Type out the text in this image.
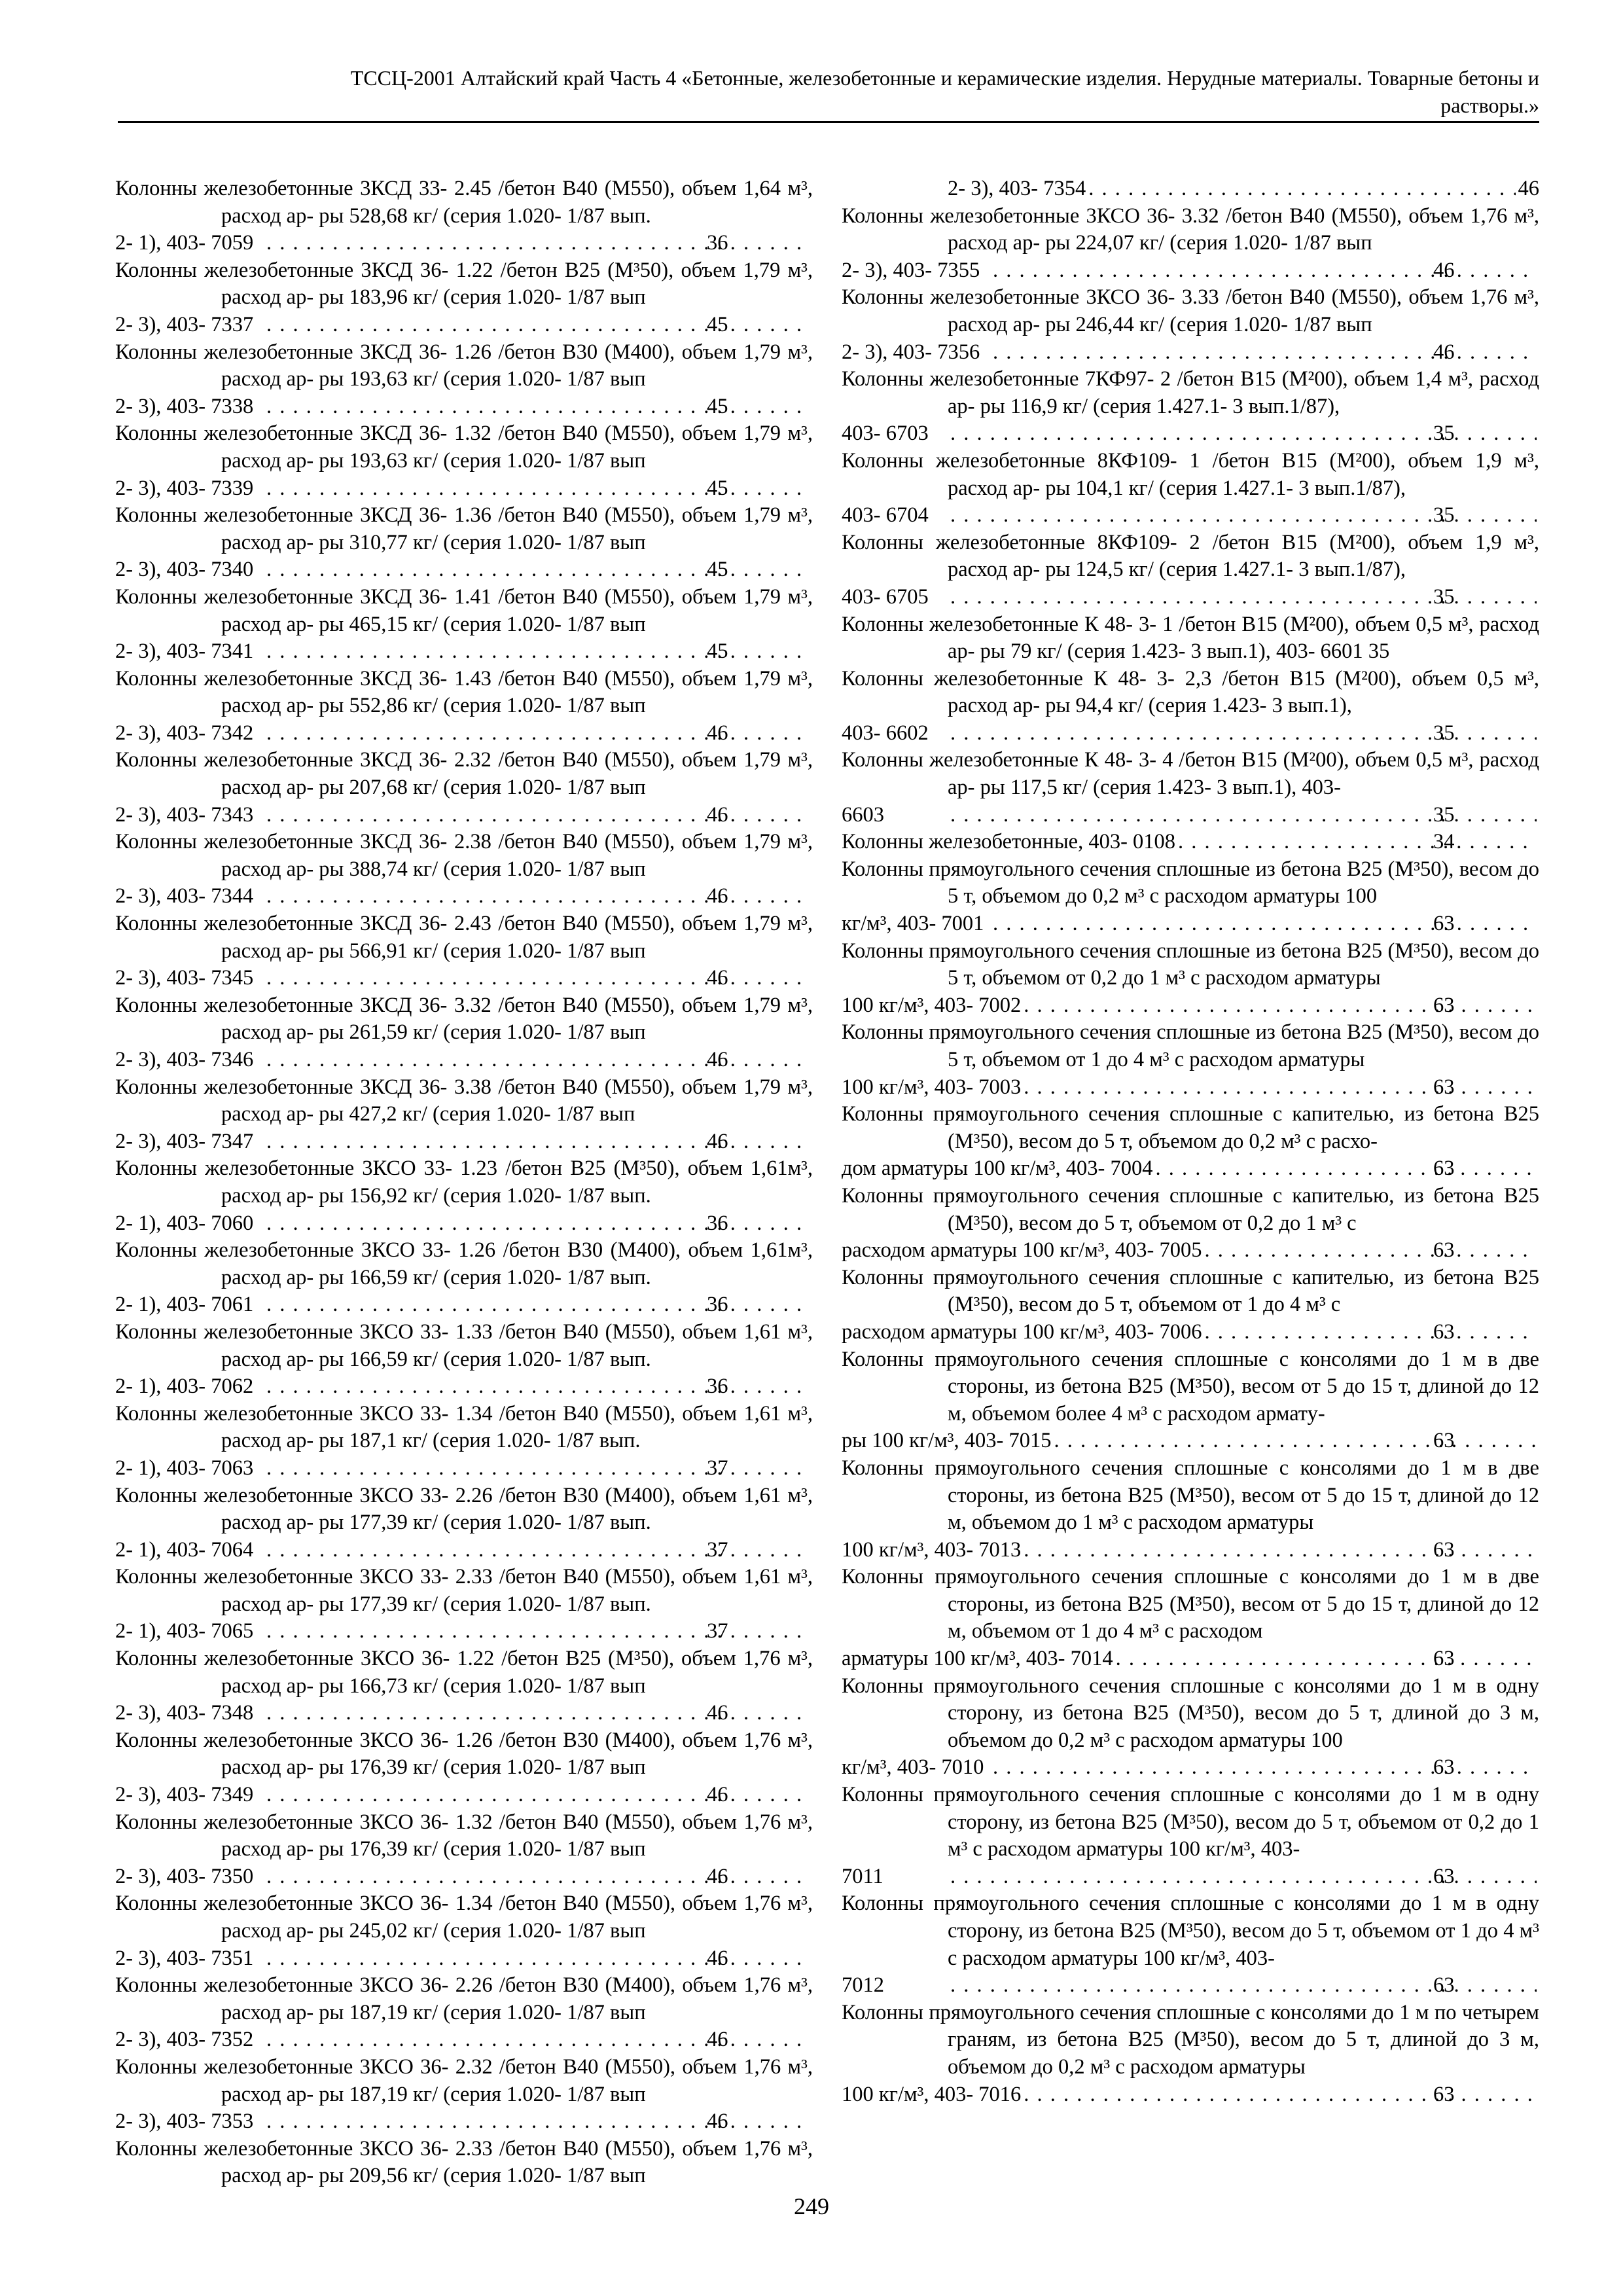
ТССЦ-2001 Алтайский край Часть 4 «Бетонные, железобетонные и керамические изделия. Нерудные материалы. Товарные бетоны и
растворы.»
Колонны железобетонные 3КСД 33- 2.45 /бетон В40 (М550), объем 1,64 м³, расход ар- ры 528,68 кг/ (серия 1.020- 1/87 вып.
2- 1), 403- 7059 . . .	36
Колонны железобетонные 3КСД 36- 1.22 /бетон В25 (М³50), объем 1,79 м³, расход ар- ры 183,96 кг/ (серия 1.020- 1/87 вып
2- 3), 403- 7337 . . .	45
Колонны железобетонные 3КСД 36- 1.26 /бетон В30 (М400), объем 1,79 м³, расход ар- ры 193,63 кг/ (серия 1.020- 1/87 вып
2- 3), 403- 7338 . . .	45
Колонны железобетонные 3КСД 36- 1.32 /бетон В40 (М550), объем 1,79 м³, расход ар- ры 193,63 кг/ (серия 1.020- 1/87 вып
2- 3), 403- 7339 . . .	45
Колонны железобетонные 3КСД 36- 1.36 /бетон В40 (М550), объем 1,79 м³, расход ар- ры 310,77 кг/ (серия 1.020- 1/87 вып
2- 3), 403- 7340 . . .	45
Колонны железобетонные 3КСД 36- 1.41 /бетон В40 (М550), объем 1,79 м³, расход ар- ры 465,15 кг/ (серия 1.020- 1/87 вып
2- 3), 403- 7341 . . .	45
Колонны железобетонные 3КСД 36- 1.43 /бетон В40 (М550), объем 1,79 м³, расход ар- ры 552,86 кг/ (серия 1.020- 1/87 вып
2- 3), 403- 7342 . . .	46
Колонны железобетонные 3КСД 36- 2.32 /бетон В40 (М550), объем 1,79 м³, расход ар- ры 207,68 кг/ (серия 1.020- 1/87 вып
2- 3), 403- 7343 . . .	46
Колонны железобетонные 3КСД 36- 2.38 /бетон В40 (М550), объем 1,79 м³, расход ар- ры 388,74 кг/ (серия 1.020- 1/87 вып
2- 3), 403- 7344 . . .	46
Колонны железобетонные 3КСД 36- 2.43 /бетон В40 (М550), объем 1,79 м³, расход ар- ры 566,91 кг/ (серия 1.020- 1/87 вып
2- 3), 403- 7345 . . .	46
Колонны железобетонные 3КСД 36- 3.32 /бетон В40 (М550), объем 1,79 м³, расход ар- ры 261,59 кг/ (серия 1.020- 1/87 вып
2- 3), 403- 7346 . . .	46
Колонны железобетонные 3КСД 36- 3.38 /бетон В40 (М550), объем 1,79 м³, расход ар- ры 427,2 кг/ (серия 1.020- 1/87 вып
2- 3), 403- 7347 . . .	46
Колонны железобетонные 3КСО 33- 1.23 /бетон В25 (М³50), объем 1,61м³, расход ар- ры 156,92 кг/ (серия 1.020- 1/87 вып.
2- 1), 403- 7060 . . .	36
Колонны железобетонные 3КСО 33- 1.26 /бетон В30 (М400), объем 1,61м³, расход ар- ры 166,59 кг/ (серия 1.020- 1/87 вып.
2- 1), 403- 7061 . . .	36
Колонны железобетонные 3КСО 33- 1.33 /бетон В40 (М550), объем 1,61 м³, расход ар- ры 166,59 кг/ (серия 1.020- 1/87 вып.
2- 1), 403- 7062 . . .	36
Колонны железобетонные 3КСО 33- 1.34 /бетон В40 (М550), объем 1,61 м³, расход ар- ры 187,1 кг/ (серия 1.020- 1/87 вып.
2- 1), 403- 7063 . . .	37
Колонны железобетонные 3КСО 33- 2.26 /бетон В30 (М400), объем 1,61 м³, расход ар- ры 177,39 кг/ (серия 1.020- 1/87 вып.
2- 1), 403- 7064 . . .	37
Колонны железобетонные 3КСО 33- 2.33 /бетон В40 (М550), объем 1,61 м³, расход ар- ры 177,39 кг/ (серия 1.020- 1/87 вып.
2- 1), 403- 7065 . . .	37
Колонны железобетонные 3КСО 36- 1.22 /бетон В25 (М³50), объем 1,76 м³, расход ар- ры 166,73 кг/ (серия 1.020- 1/87 вып
2- 3), 403- 7348 . . .	46
Колонны железобетонные 3КСО 36- 1.26 /бетон В30 (М400), объем 1,76 м³, расход ар- ры 176,39 кг/ (серия 1.020- 1/87 вып
2- 3), 403- 7349 . . .	46
Колонны железобетонные 3КСО 36- 1.32 /бетон В40 (М550), объем 1,76 м³, расход ар- ры 176,39 кг/ (серия 1.020- 1/87 вып
2- 3), 403- 7350 . . .	46
Колонны железобетонные 3КСО 36- 1.34 /бетон В40 (М550), объем 1,76 м³, расход ар- ры 245,02 кг/ (серия 1.020- 1/87 вып
2- 3), 403- 7351 . . .	46
Колонны железобетонные 3КСО 36- 2.26 /бетон В30 (М400), объем 1,76 м³, расход ар- ры 187,19 кг/ (серия 1.020- 1/87 вып
2- 3), 403- 7352 . . .	46
Колонны железобетонные 3КСО 36- 2.32 /бетон В40 (М550), объем 1,76 м³, расход ар- ры 187,19 кг/ (серия 1.020- 1/87 вып
2- 3), 403- 7353 . . .	46
Колонны железобетонные 3КСО 36- 2.33 /бетон В40 (М550), объем 1,76 м³, расход ар- ры 209,56 кг/ (серия 1.020- 1/87 вып
2- 3), 403- 7354 . . .	46
Колонны железобетонные 3КСО 36- 3.32 /бетон В40 (М550), объем 1,76 м³, расход ар- ры 224,07 кг/ (серия 1.020- 1/87 вып
2- 3), 403- 7355 . . .	46
Колонны железобетонные 3КСО 36- 3.33 /бетон В40 (М550), объем 1,76 м³, расход ар- ры 246,44 кг/ (серия 1.020- 1/87 вып
2- 3), 403- 7356 . . .	46
Колонны железобетонные 7КФ97- 2 /бетон В15 (М²00), объем 1,4 м³, расход ар- ры 116,9 кг/ (серия 1.427.1- 3 вып.1/87),
403- 6703 . . .	35
Колонны железобетонные 8КФ109- 1 /бетон В15 (М²00), объем 1,9 м³, расход ар- ры 104,1 кг/ (серия 1.427.1- 3 вып.1/87),
403- 6704 . . .	35
Колонны железобетонные 8КФ109- 2 /бетон В15 (М²00), объем 1,9 м³, расход ар- ры 124,5 кг/ (серия 1.427.1- 3 вып.1/87),
403- 6705 . . .	35
Колонны железобетонные К 48- 3- 1 /бетон В15 (М²00), объем 0,5 м³, расход ар- ры 79 кг/ (серия 1.423- 3 вып.1), 403- 6601 35
Колонны железобетонные К 48- 3- 2,3 /бетон В15 (М²00), объем 0,5 м³, расход ар- ры 94,4 кг/ (серия 1.423- 3 вып.1),
403- 6602 . . .	35
Колонны железобетонные К 48- 3- 4 /бетон В15 (М²00), объем 0,5 м³, расход ар- ры 117,5 кг/ (серия 1.423- 3 вып.1), 403-
6603 . . .	35
Колонны железобетонные, 403- 0108 . . .	34
Колонны прямоугольного сечения сплошные из бетона В25 (М³50), весом до 5 т, объемом до 0,2 м³ с расходом арматуры 100
кг/м³, 403- 7001 . . .	63
Колонны прямоугольного сечения сплошные из бетона В25 (М³50), весом до 5 т, объемом от 0,2 до 1 м³ с расходом арматуры
100 кг/м³, 403- 7002 . . .	63
Колонны прямоугольного сечения сплошные из бетона В25 (М³50), весом до 5 т, объемом от 1 до 4 м³ с расходом арматуры
100 кг/м³, 403- 7003 . . .	63
Колонны прямоугольного сечения сплошные с капителью, из бетона В25 (М³50), весом до 5 т, объемом до 0,2 м³ с расхо-
дом арматуры 100 кг/м³, 403- 7004 . . .	63
Колонны прямоугольного сечения сплошные с капителью, из бетона В25 (М³50), весом до 5 т, объемом от 0,2 до 1 м³ с
расходом арматуры 100 кг/м³, 403- 7005 . . .	63
Колонны прямоугольного сечения сплошные с капителью, из бетона В25 (М³50), весом до 5 т, объемом от 1 до 4 м³ с
расходом арматуры 100 кг/м³, 403- 7006 . . .	63
Колонны прямоугольного сечения сплошные с консолями до 1 м в две стороны, из бетона В25 (М³50), весом от 5 до 15 т, длиной до 12 м, объемом более 4 м³ с расходом армату-
ры 100 кг/м³, 403- 7015 . . .	63
Колонны прямоугольного сечения сплошные с консолями до 1 м в две стороны, из бетона В25 (М³50), весом от 5 до 15 т, длиной до 12 м, объемом до 1 м³ с расходом арматуры
100 кг/м³, 403- 7013 . . .	63
Колонны прямоугольного сечения сплошные с консолями до 1 м в две стороны, из бетона В25 (М³50), весом от 5 до 15 т, длиной до 12 м, объемом от 1 до 4 м³ с расходом
арматуры 100 кг/м³, 403- 7014 . . .	63
Колонны прямоугольного сечения сплошные с консолями до 1 м в одну сторону, из бетона В25 (М³50), весом до 5 т, длиной до 3 м, объемом до 0,2 м³ с расходом арматуры 100
кг/м³, 403- 7010 . . .	63
Колонны прямоугольного сечения сплошные с консолями до 1 м в одну сторону, из бетона В25 (М³50), весом до 5 т, объемом от 0,2 до 1 м³ с расходом арматуры 100 кг/м³, 403-
7011 . . .	63
Колонны прямоугольного сечения сплошные с консолями до 1 м в одну сторону, из бетона В25 (М³50), весом до 5 т, объемом от 1 до 4 м³ с расходом арматуры 100 кг/м³, 403-
7012 . . .	63
Колонны прямоугольного сечения сплошные с консолями до 1 м по четырем граням, из бетона В25 (М³50), весом до 5 т, длиной до 3 м, объемом до 0,2 м³ с расходом арматуры
100 кг/м³, 403- 7016 . . .	63
249
